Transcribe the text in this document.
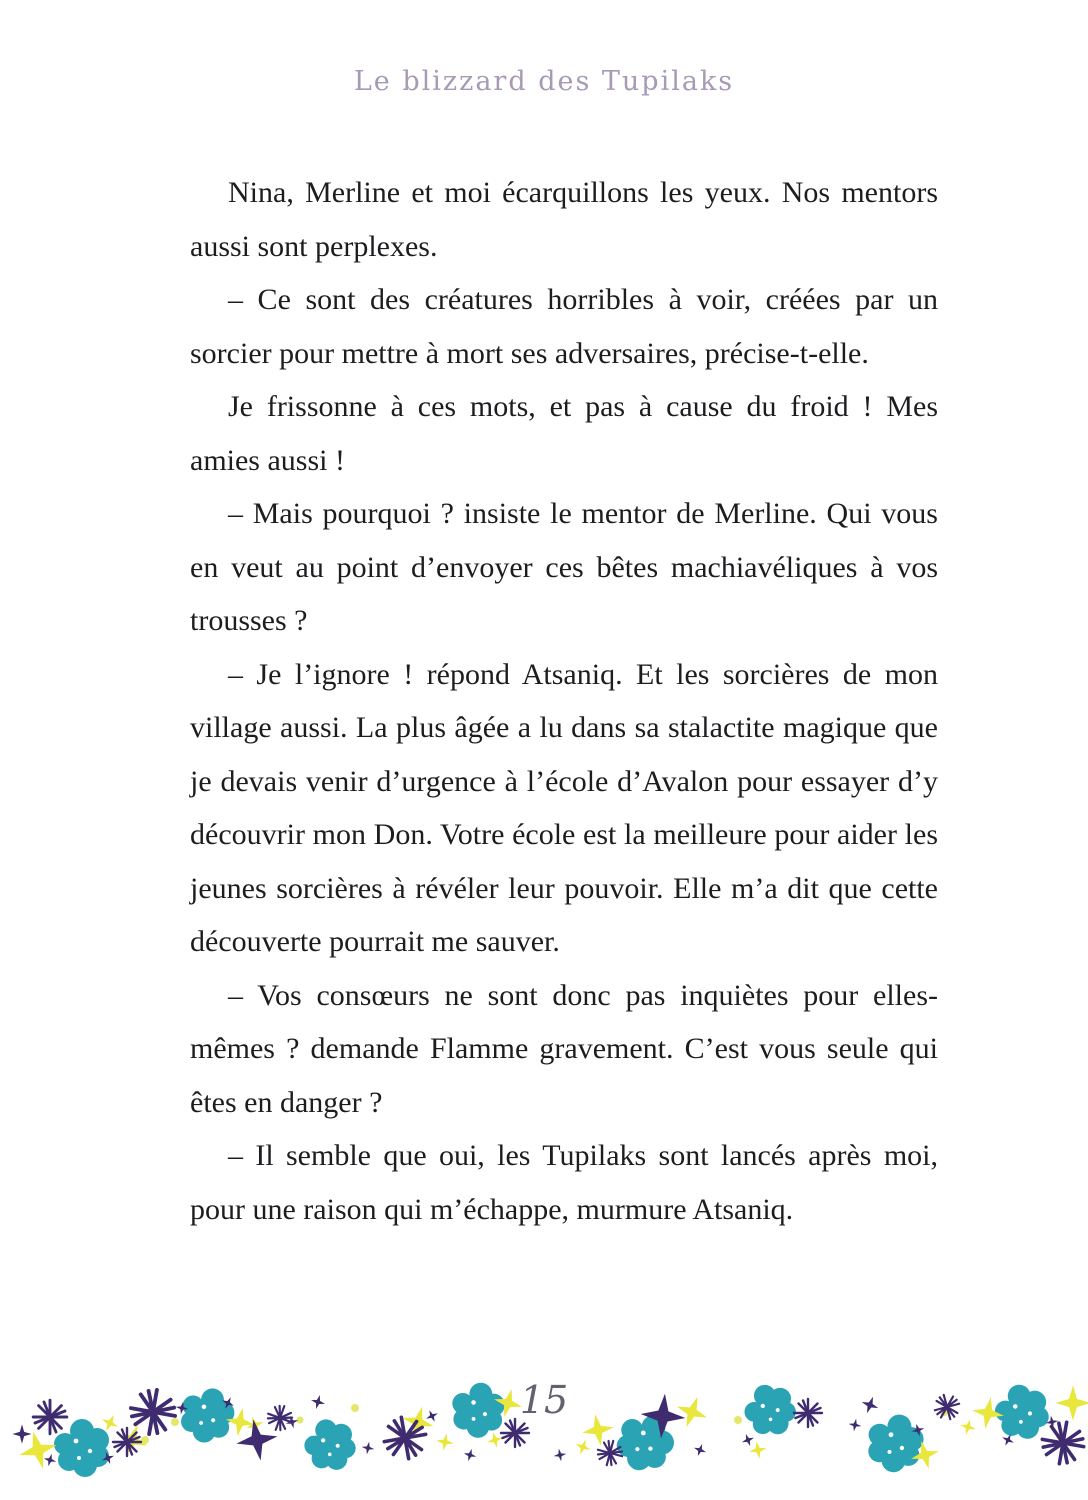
Le blizzard des Tupilaks

Nina, Merline et moi écarquillons les yeux. Nos mentors aussi sont perplexes.

– Ce sont des créatures horribles à voir, créées par un sorcier pour mettre à mort ses adversaires, précise-t-elle.

Je frissonne à ces mots, et pas à cause du froid ! Mes amies aussi !

– Mais pourquoi ? insiste le mentor de Merline. Qui vous en veut au point d’envoyer ces bêtes machiavéliques à vos trousses ?

– Je l’ignore ! répond Atsaniq. Et les sorcières de mon village aussi. La plus âgée a lu dans sa stalactite magique que je devais venir d’urgence à l’école d’Avalon pour essayer d’y découvrir mon Don. Votre école est la meilleure pour aider les jeunes sorcières à révéler leur pouvoir. Elle m’a dit que cette découverte pourrait me sauver.

– Vos consœurs ne sont donc pas inquiètes pour elles-mêmes ? demande Flamme gravement. C’est vous seule qui êtes en danger ?

– Il semble que oui, les Tupilaks sont lancés après moi, pour une raison qui m’échappe, murmure Atsaniq.

15
